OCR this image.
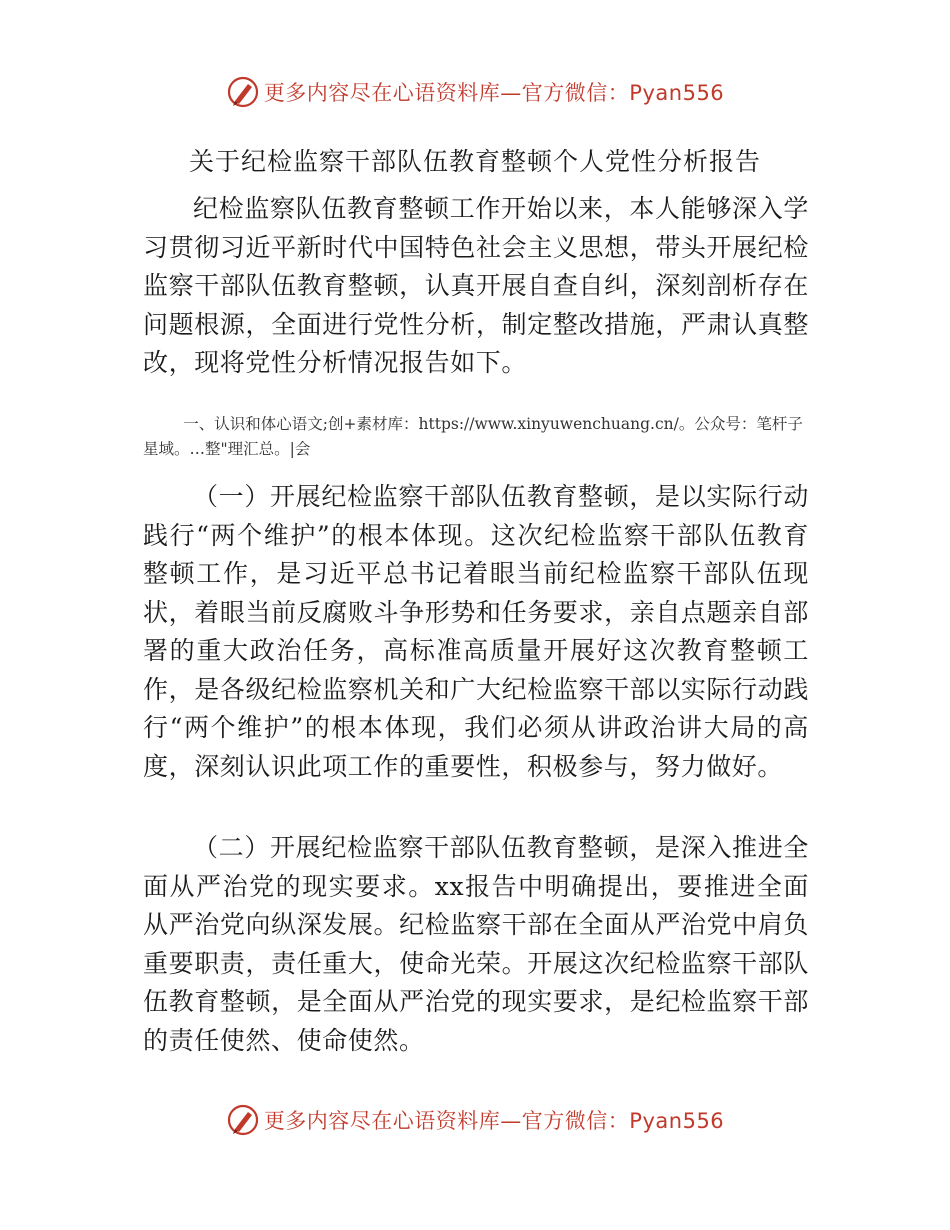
更多内容尽在心语资料库—官方微信：Pyan556
关于纪检监察干部队伍教育整顿个人党性分析报告
纪检监察队伍教育整顿工作开始以来，本人能够深入学习贯彻习近平新时代中国特色社会主义思想，带头开展纪检监察干部队伍教育整顿，认真开展自查自纠，深刻剖析存在问题根源，全面进行党性分析，制定整改措施，严肃认真整改，现将党性分析情况报告如下。
一、认识和体心语文;创+素材库：https://www.xinyuwenchuang.cn/。公众号：笔杆子星域。…整"理汇总。|会
（一）开展纪检监察干部队伍教育整顿，是以实际行动践行“两个维护”的根本体现。这次纪检监察干部队伍教育整顿工作，是习近平总书记着眼当前纪检监察干部队伍现状，着眼当前反腐败斗争形势和任务要求，亲自点题亲自部署的重大政治任务，高标准高质量开展好这次教育整顿工作，是各级纪检监察机关和广大纪检监察干部以实际行动践行“两个维护”的根本体现，我们必须从讲政治讲大局的高度，深刻认识此项工作的重要性，积极参与，努力做好。
（二）开展纪检监察干部队伍教育整顿，是深入推进全面从严治党的现实要求。xx报告中明确提出，要推进全面从严治党向纵深发展。纪检监察干部在全面从严治党中肩负重要职责，责任重大，使命光荣。开展这次纪检监察干部队伍教育整顿，是全面从严治党的现实要求，是纪检监察干部的责任使然、使命使然。
更多内容尽在心语资料库—官方微信：Pyan556
